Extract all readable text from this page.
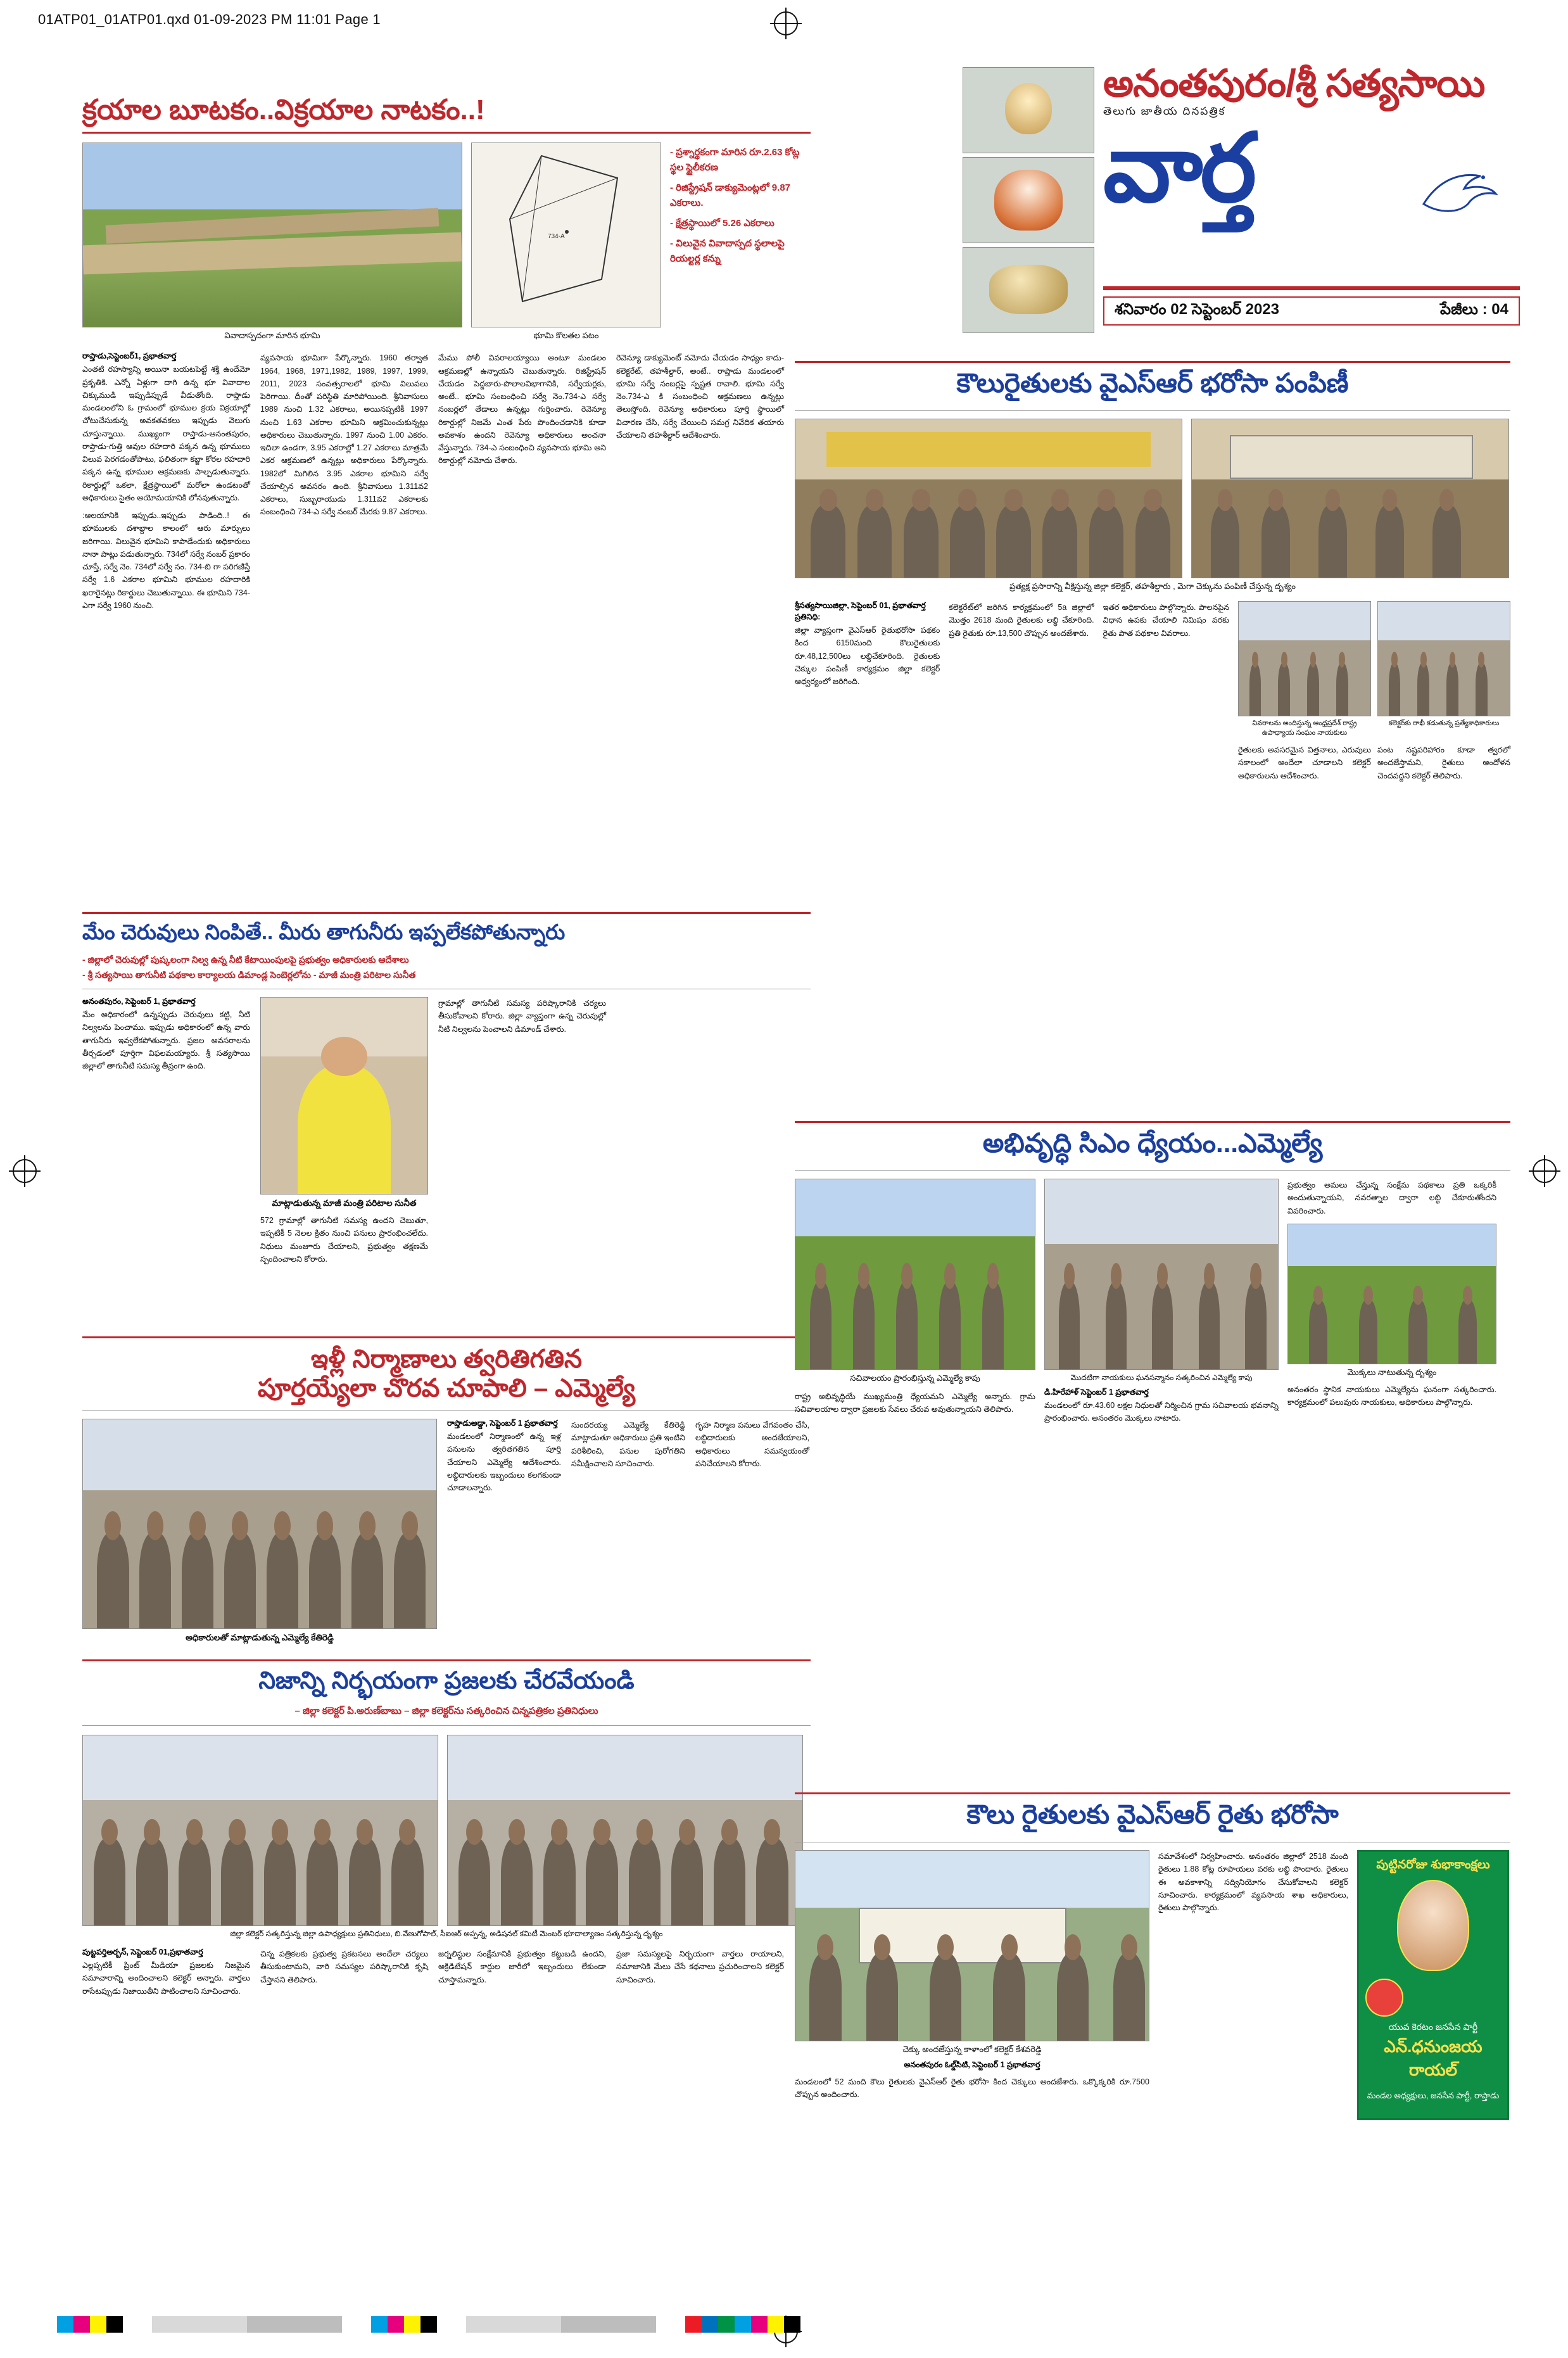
01ATP01_01ATP01.qxd 01-09-2023 PM 11:01 Page 1
అనంతపురం/శ్రీ సత్యసాయి
తెలుగు జాతీయ దినపత్రిక
వార్త
శనివారం 02 సెప్టెంబర్ 2023	పేజీలు : 04
క్రయాల బూటకం..విక్రయాల నాటకం..!
వివాదాస్పదంగా మారిన భూమి
734-A
భూమి కొలతల పటం
- ప్రశ్నార్థకంగా మారిన రూ.2.63 కోట్ల స్థల స్టైలీకరణ
- రిజిస్ట్రేషన్ డాక్యుమెంట్లలో 9.87 ఎకరాలు.
- క్షేత్రస్థాయిలో 5.26 ఎకరాలు
- విలువైన వివాదాస్పద స్థలాలపై రియల్టర్ల కన్ను
రాప్తాడు,సెప్టెంబర్1, ప్రభాతవార్త
ఎంతటి రహస్యాన్ని అయినా బయటపెట్టే శక్తి ఉందేమో ప్రకృతికి. ఎన్నో ఏళ్లుగా దాగి ఉన్న భూ వివాదాల చిక్కుముడి ఇప్పుడిప్పుడే వీడుతోంది. రాప్తాడు మండలంలోని ఓ గ్రామంలో భూముల క్రయ విక్రయాల్లో చోటుచేసుకున్న అవకతవకలు ఇప్పుడు వెలుగు చూస్తున్నాయి. ముఖ్యంగా రాప్తాడు-ఆనంతపురం, రాప్తాడు-గుత్తి ఆవుల రహదారి పక్కన ఉన్న భూములు విలువ పెరగడంతోపాటు, ఫలితంగా కబ్జా కోరల రహదారి పక్కన ఉన్న భూముల ఆక్రమణకు పాల్పడుతున్నారు. రికార్డుల్లో ఒకలా, క్షేత్రస్థాయిలో మరోలా ఉండటంతో అధికారులు సైతం అయోమయానికి లోనవుతున్నారు.
:ఆలయానికి ఇప్పుడు..ఇప్పుడు పాడింది..! ఈ భూములకు దశాబ్దాల కాలంలో ఆరు మార్పులు జరిగాయి. విలువైన భూమిని కాపాడేందుకు అధికారులు నానా పాట్లు పడుతున్నారు. 734లో సర్వే నంబర్ ప్రకారం చూస్తే, సర్వే నెం. 734లో సర్వే నం. 734-బి గా పరిగణిస్తే సర్వే 1.6 ఎకరాల భూమిని భూముల రహదారికి ఖరారైనట్లు రికార్డులు చెబుతున్నాయి. ఈ భూమిని 734-ఎగా సర్వే 1960 నుంచి.
వ్యవసాయ భూమిగా పేర్కొన్నారు. 1960 తర్వాత 1964, 1968, 1971,1982, 1989, 1997, 1999, 2011, 2023 సంవత్సరాలలో భూమి విలువలు పెరిగాయి. దీంతో పరిస్థితి మారిపోయింది. శ్రీనివాసులు 1989 నుంచి 1.32 ఎకరాలు, అయినప్పటికీ 1997 నుంచి 1.63 ఎకరాల భూమిని ఆక్రమించుకున్నట్లు అధికారులు చెబుతున్నారు. 1997 నుంచి 1.00 ఎకరం. ఇదిలా ఉండగా, 3.95 ఎకరాల్లో 1.27 ఎకరాలు మాత్రమే ఎకర ఆక్రమణలో ఉన్నట్లు అధికారులు పేర్కొన్నారు. 1982లో మిగిలిన 3.95 ఎకరాల భూమిని సర్వే చేయాల్సిన అవసరం ఉంది. శ్రీనివాసులు 1.311వ2 ఎకరాలు, సుబ్బరాయుడు 1.311వ2 ఎకరాలకు సంబంధించి 734-ఎ సర్వే నంబర్ మేరకు 9.87 ఎకరాలు.
మేము పోలీ వివరాలయ్యాయి అంటూ మండలం ఆక్రమణల్లో ఉన్నాయని చెబుతున్నారు. రిజిస్ట్రేషన్ చేయడం పెద్దబారు-పొలాలవిభాగానికి, సర్వేయర్లకు, అంటే.. భూమి సంబంధించి సర్వే నెం.734-ఎ సర్వే నంబర్లలో తేడాలు ఉన్నట్లు గుర్తించారు. రెవెన్యూ రికార్డుల్లో నిజమే ఎంత పేరు పొందించడానికి కూడా అవకాశం ఉందని రెవెన్యూ అధికారులు అంచనా వేస్తున్నారు. 734-ఎ సంబంధించి వ్యవసాయ భూమి అని రికార్డుల్లో నమోదు చేశారు.
రెవెన్యూ డాక్యుమెంట్ నమోదు చేయడం సాధ్యం కాదు-కలెక్టరేట్, తహశీల్దార్, అంటే.. రాప్తాడు మండలంలో భూమి సర్వే నంబర్లపై స్పష్టత రావాలి. భూమి సర్వే నెం.734-ఎ కి సంబంధించి ఆక్రమణలు ఉన్నట్లు తెలుస్తోంది. రెవెన్యూ అధికారులు పూర్తి స్థాయిలో విచారణ చేసి, సర్వే చేయించి సమగ్ర నివేదిక తయారు చేయాలని తహశీల్దార్ ఆదేశించారు.
మేం చెరువులు నింపితే.. మీరు తాగునీరు ఇప్పలేకపోతున్నారు
- జిల్లాలో చెరువుల్లో పుష్కలంగా నిల్వ ఉన్న నీటి కేటాయింపులపై ప్రభుత్వం అధికారులకు ఆదేశాలు
- శ్రీ సత్యసాయి తాగునీటి పథకాల కార్యాలయ డిమాండ్ల సెంబెర్లలోను - మాజీ మంత్రి పరిటాల సునీత
అనంతపురం, సెప్టెంబర్ 1, ప్రభాతవార్త
మేం అధికారంలో ఉన్నప్పుడు చెరువులు కట్టి, నీటి నిల్వలను పెంచాము. ఇప్పుడు అధికారంలో ఉన్న వారు తాగునీరు ఇవ్వలేకపోతున్నారు. ప్రజల అవసరాలను తీర్చడంలో పూర్తిగా విఫలమయ్యారు. శ్రీ సత్యసాయి జిల్లాలో తాగునీటి సమస్య తీవ్రంగా ఉంది.
మాట్లాడుతున్న మాజీ మంత్రి పరిటాల సునీత
572 గ్రామాల్లో తాగునీటి సమస్య ఉందని చెబుతూ, ఇప్పటికీ 5 నెలల క్రితం నుంచి పనులు ప్రారంభించలేదు. నిధులు మంజూరు చేయాలని, ప్రభుత్వం తక్షణమే స్పందించాలని కోరారు.
గ్రామాల్లో తాగునీటి సమస్య పరిష్కారానికి చర్యలు తీసుకోవాలని కోరారు. జిల్లా వ్యాప్తంగా ఉన్న చెరువుల్లో నీటి నిల్వలను పెంచాలని డిమాండ్ చేశారు.
ఇళ్లీ నిర్మాణాలు త్వరితిగతిన
పూర్తయ్యేలా చొరవ చూపాలి – ఎమ్మెల్యే
అధికారులతో మాట్లాడుతున్న ఎమ్మెల్యే కేతిరెడ్డి
రాప్తాడుఅడ్డా, సెప్టెంబర్ 1 ప్రభాతవార్త
మండలంలో నిర్మాణంలో ఉన్న ఇళ్ల పనులను త్వరితగతిన పూర్తి చేయాలని ఎమ్మెల్యే ఆదేశించారు. లబ్ధిదారులకు ఇబ్బందులు కలగకుండా చూడాలన్నారు.
సుందరయ్య ఎమ్మెల్యే కేతిరెడ్డి మాట్లాడుతూ అధికారులు ప్రతి ఇంటిని పరిశీలించి, పనుల పురోగతిని సమీక్షించాలని సూచించారు.
గృహ నిర్మాణ పనులు వేగవంతం చేసి, లబ్ధిదారులకు అందజేయాలని, అధికారులు సమన్వయంతో పనిచేయాలని కోరారు.
నిజాన్ని నిర్భయంగా ప్రజలకు చేరవేయండి
– జిల్లా కలెక్టర్ పి.అరుణ్‌బాబు – జిల్లా కలెక్టర్‌ను సత్కరించిన చిన్నపత్రికల ప్రతినిధులు
జిల్లా కలెక్టర్ సత్కరిస్తున్న జిల్లా ఉపాధ్యక్షులు ప్రతినిధులు, బి.వేణుగోపాల్, సీఐఆర్ అప్పన్న, అడిషనల్ కమిటీ మెంబర్ భూదాల్యాణం సత్కరిస్తున్న దృశ్యం
పుట్టపర్తిఅర్బన్, సెప్టెంబర్ 01,ప్రభాతవార్త
ఎల్లప్పటికీ ప్రింట్ మీడియా ప్రజలకు నిజమైన సమాచారాన్ని అందించాలని కలెక్టర్ అన్నారు. వార్తలు రాసేటప్పుడు నిజాయితీని పాటించాలని సూచించారు.
చిన్న పత్రికలకు ప్రభుత్వ ప్రకటనలు అందేలా చర్యలు తీసుకుంటామని, వారి సమస్యల పరిష్కారానికి కృషి చేస్తానని తెలిపారు.
జర్నలిస్టుల సంక్షేమానికి ప్రభుత్వం కట్టుబడి ఉందని, అక్రిడిటేషన్ కార్డుల జారీలో ఇబ్బందులు లేకుండా చూస్తామన్నారు.
ప్రజా సమస్యలపై నిర్భయంగా వార్తలు రాయాలని, సమాజానికి మేలు చేసే కథనాలు ప్రచురించాలని కలెక్టర్ సూచించారు.
కౌలురైతులకు వైఎస్ఆర్ భరోసా పంపిణీ
ప్రత్యక్ష ప్రసారాన్ని వీక్షిస్తున్న జిల్లా కలెక్టర్, తహశీల్దారు , మెగా చెక్కును పంపిణీ చేస్తున్న దృశ్యం
శ్రీసత్యసాయిజిల్లా, సెప్టెంబర్ 01, ప్రభాతవార్త ప్రతినిధి:
జిల్లా వ్యాప్తంగా వైఎస్ఆర్ రైతుభరోసా పథకం కింద 6150మంది కౌలురైతులకు రూ.48,12,500లు లబ్ధిచేకూరింది. రైతులకు చెక్కుల పంపిణీ కార్యక్రమం జిల్లా కలెక్టర్ ఆధ్వర్యంలో జరిగింది.
కలెక్టరేట్‌లో జరిగిన కార్యక్రమంలో 5a జిల్లాలో మొత్తం 2618 మంది రైతులకు లబ్ధి చేకూరింది. ప్రతి రైతుకు రూ.13,500 చొప్పున అందజేశారు.
ఇతర అధికారులు పాల్గొన్నారు. పాలనపైన విధాన ఉపకు చేయాలి నిమిషం వరకు రైతు పాత పథకాల వివరాలు.
వివరాలను అందిస్తున్న ఆంధ్రప్రదేశ్ రాష్ట్ర ఉపాధ్యాయ సంఘం నాయకులు
కలెక్టర్‌కు రాఖీ కడుతున్న ప్రత్యేకాధికారులు
రైతులకు అవసరమైన విత్తనాలు, ఎరువులు సకాలంలో అందేలా చూడాలని కలెక్టర్ అధికారులను ఆదేశించారు.
పంట నష్టపరిహారం కూడా త్వరలో అందజేస్తామని, రైతులు ఆందోళన చెందవద్దని కలెక్టర్ తెలిపారు.
అభివృద్ధి సిఎం ధ్యేయం...ఎమ్మెల్యే
సచివాలయం ప్రారంభిస్తున్న ఎమ్మెల్యే కాపు
రాష్ట్ర అభివృద్ధియే ముఖ్యమంత్రి ధ్యేయమని ఎమ్మెల్యే అన్నారు. గ్రామ సచివాలయాల ద్వారా ప్రజలకు సేవలు చేరువ అవుతున్నాయని తెలిపారు.
మొదటిగా నాయకులు ఘనసన్మానం సత్కరించిన ఎమ్మెల్యే కాపు
డి.హిరేహాళ్ సెప్టెంబర్ 1 ప్రభాతవార్త
మండలంలో రూ.43.60 లక్షల నిధులతో నిర్మించిన గ్రామ సచివాలయ భవనాన్ని ప్రారంభించారు. అనంతరం మొక్కలు నాటారు.
ప్రభుత్వం అమలు చేస్తున్న సంక్షేమ పథకాలు ప్రతి ఒక్కరికీ అందుతున్నాయని, నవరత్నాల ద్వారా లబ్ధి చేకూరుతోందని వివరించారు.
మొక్కలు నాటుతున్న దృశ్యం
అనంతరం స్థానిక నాయకులు ఎమ్మెల్యేను ఘనంగా సత్కరించారు. కార్యక్రమంలో పలువురు నాయకులు, అధికారులు పాల్గొన్నారు.
కౌలు రైతులకు వైఎస్ఆర్ రైతు భరోసా
చెక్కు అందజేస్తున్న కాళాంలో కలెక్టర్ కేశవరెడ్డి
అనంతపురం ఓల్డ్‌సిటి, సెప్టెంబర్ 1 ప్రభాతవార్త
మండలంలో 52 మంది కౌలు రైతులకు వైఎస్ఆర్ రైతు భరోసా కింద చెక్కులు అందజేశారు. ఒక్కొక్కరికి రూ.7500 చొప్పున అందించారు.
సమావేశంలో నిర్వహించారు. అనంతరం జిల్లాలో 2518 మంది రైతులు 1.88 కోట్ల రూపాయలు వరకు లబ్ధి పొందారు. రైతులు ఈ అవకాశాన్ని సద్వినియోగం చేసుకోవాలని కలెక్టర్ సూచించారు. కార్యక్రమంలో వ్యవసాయ శాఖ అధికారులు, రైతులు పాల్గొన్నారు.
పుట్టిన‌రోజు శుభాకాంక్షలు
యువ కెరటం జనసేన పార్టీ
ఎన్.ధనుంజయ రాయల్
మండల అధ్యక్షులు, జనసేన పార్టీ, రాప్తాడు
